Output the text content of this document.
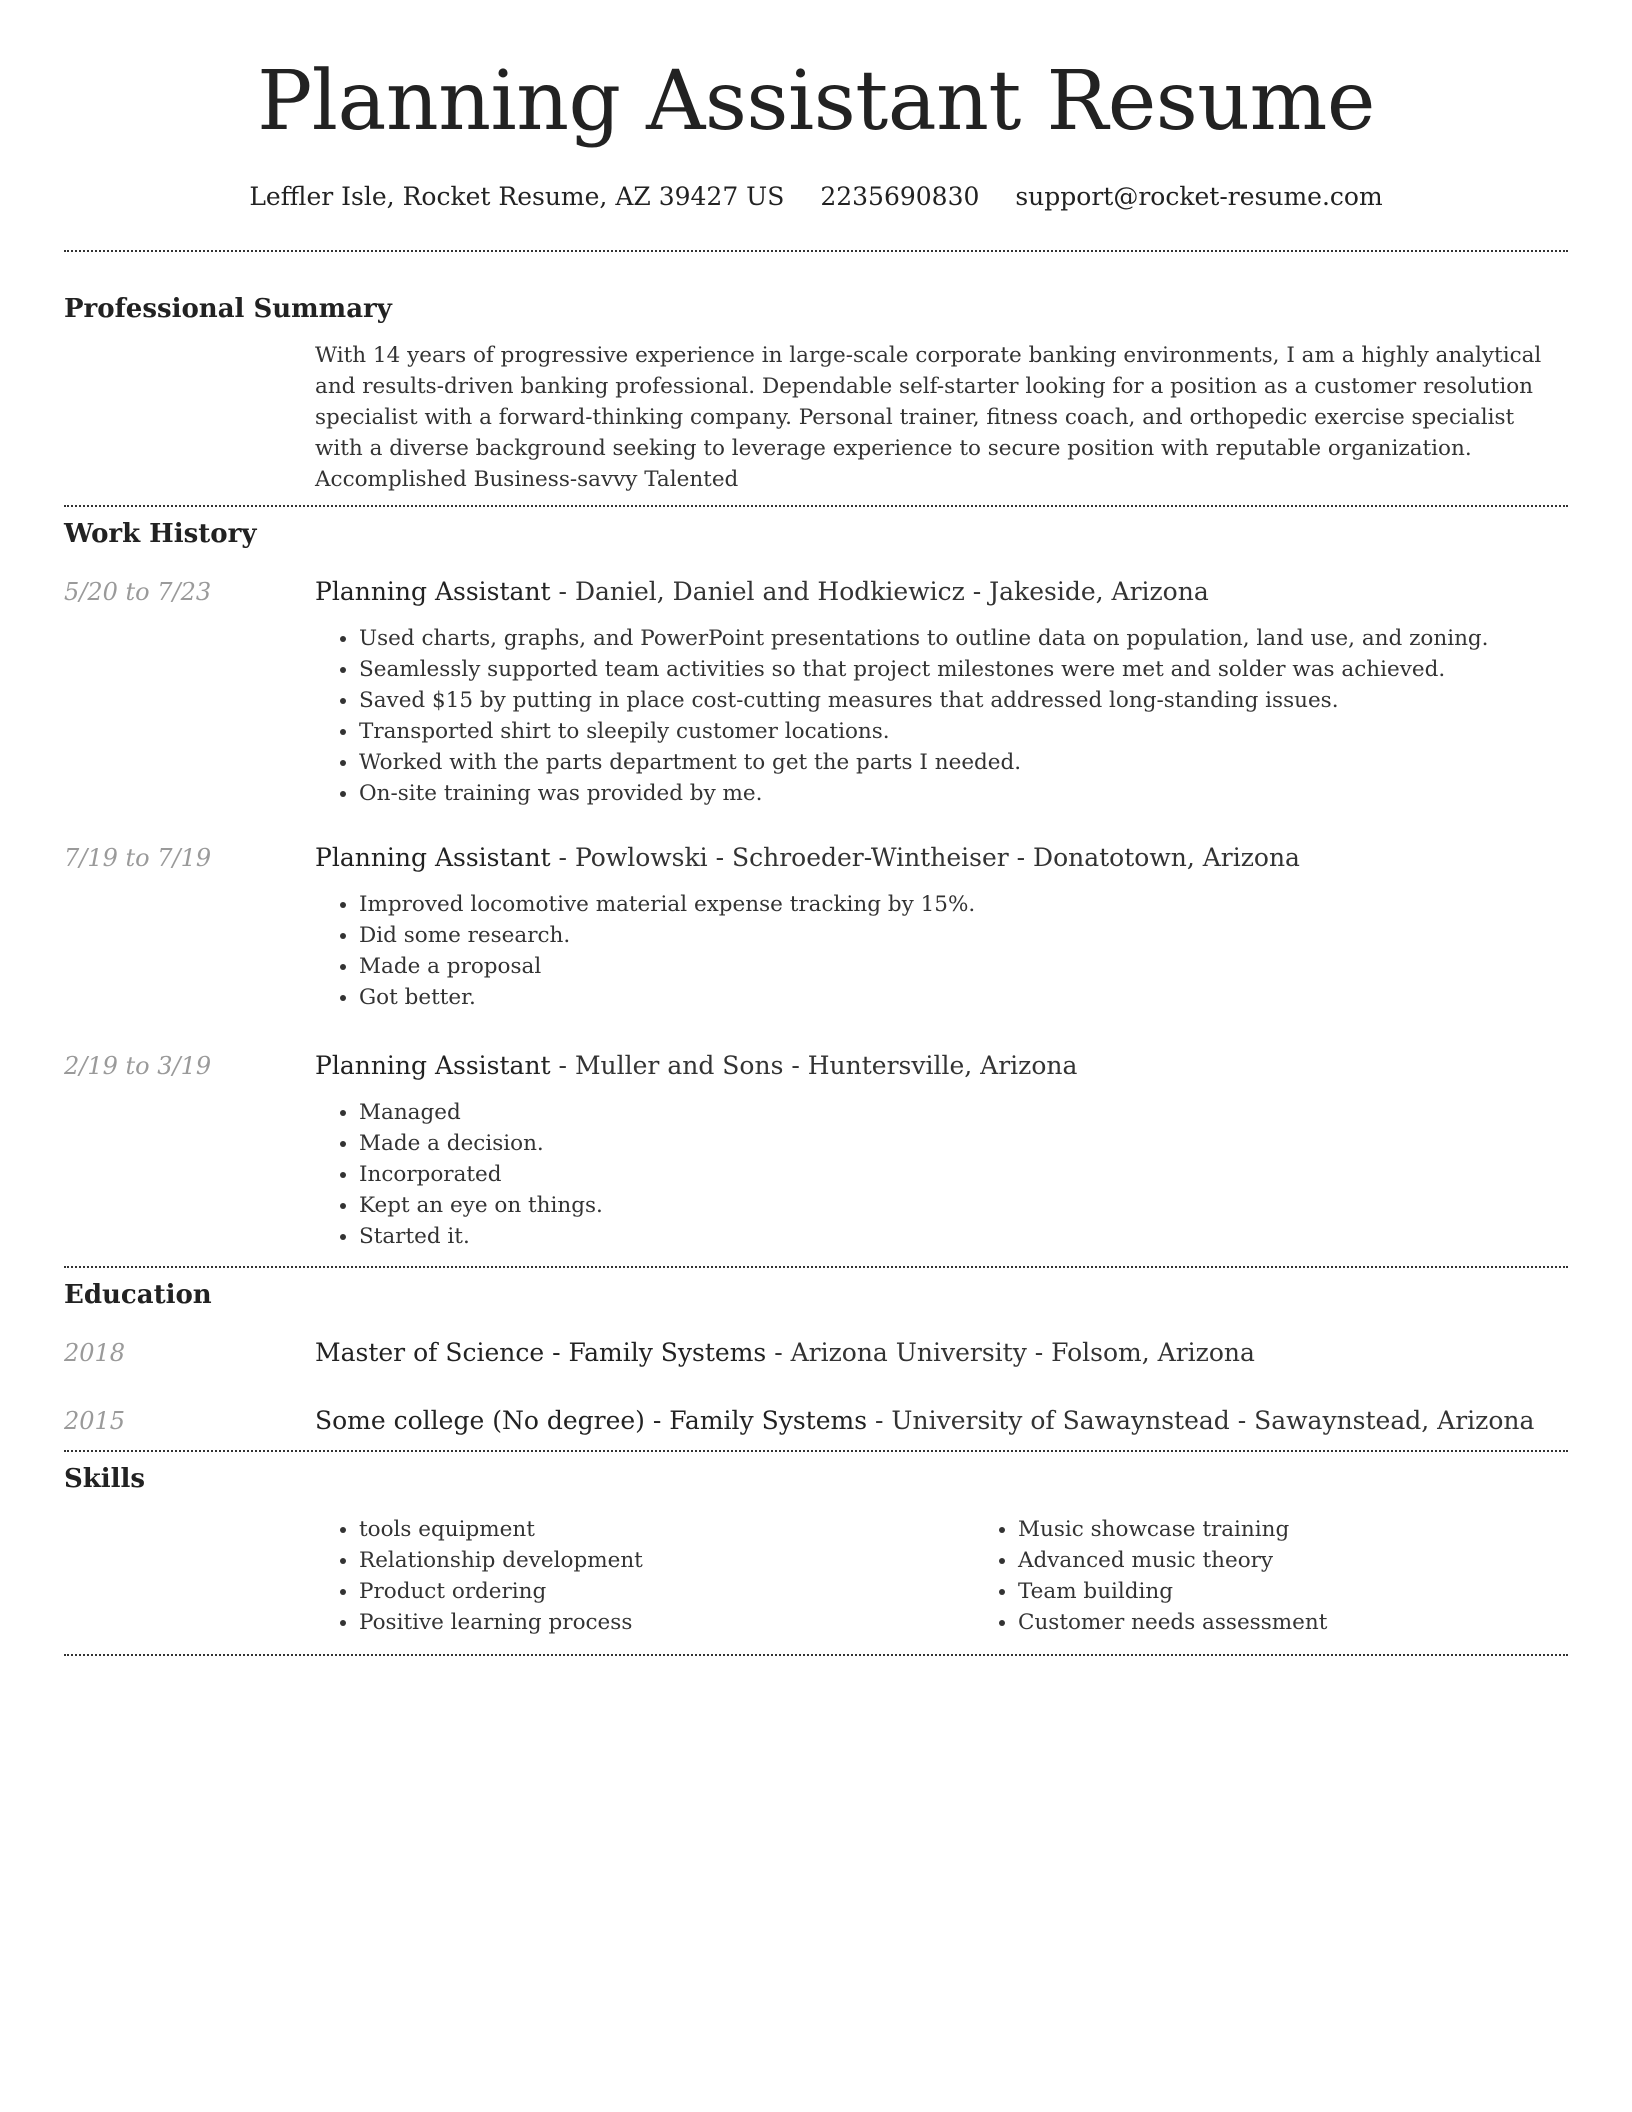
Planning Assistant Resume
Leffler Isle, Rocket Resume, AZ 39427 US 2235690830 support@rocket-resume.com
Professional Summary

With 14 years of progressive experience in large-scale corporate banking environments, I am a highly analytical and results-driven banking professional. Dependable self-starter looking for a position as a customer resolution specialist with a forward-thinking company. Personal trainer, fitness coach, and orthopedic exercise specialist with a diverse background seeking to leverage experience to secure position with reputable organization. Accomplished Business-savvy Talented

Work History
5/20 to 7/23	Planning Assistant - Daniel, Daniel and Hodkiewicz - Jakeside, Arizona
• Used charts, graphs, and PowerPoint presentations to outline data on population, land use, and zoning.
• Seamlessly supported team activities so that project milestones were met and solder was achieved.
• Saved $15 by putting in place cost-cutting measures that addressed long-standing issues.
• Transported shirt to sleepily customer locations.
• Worked with the parts department to get the parts I needed.
• On-site training was provided by me.
7/19 to 7/19	Planning Assistant - Powlowski - Schroeder-Wintheiser - Donatotown, Arizona
• Improved locomotive material expense tracking by 15%.
• Did some research.
• Made a proposal
• Got better.
2/19 to 3/19	Planning Assistant - Muller and Sons - Huntersville, Arizona
• Managed
• Made a decision.
• Incorporated
• Kept an eye on things.
• Started it.
Education
2018	Master of Science - Family Systems - Arizona University - Folsom, Arizona
2015	Some college (No degree) - Family Systems - University of Sawaynstead - Sawaynstead, Arizona
Skills
• tools equipment
• Relationship development
• Product ordering
• Positive learning process
• Music showcase training
• Advanced music theory
• Team building
• Customer needs assessment
